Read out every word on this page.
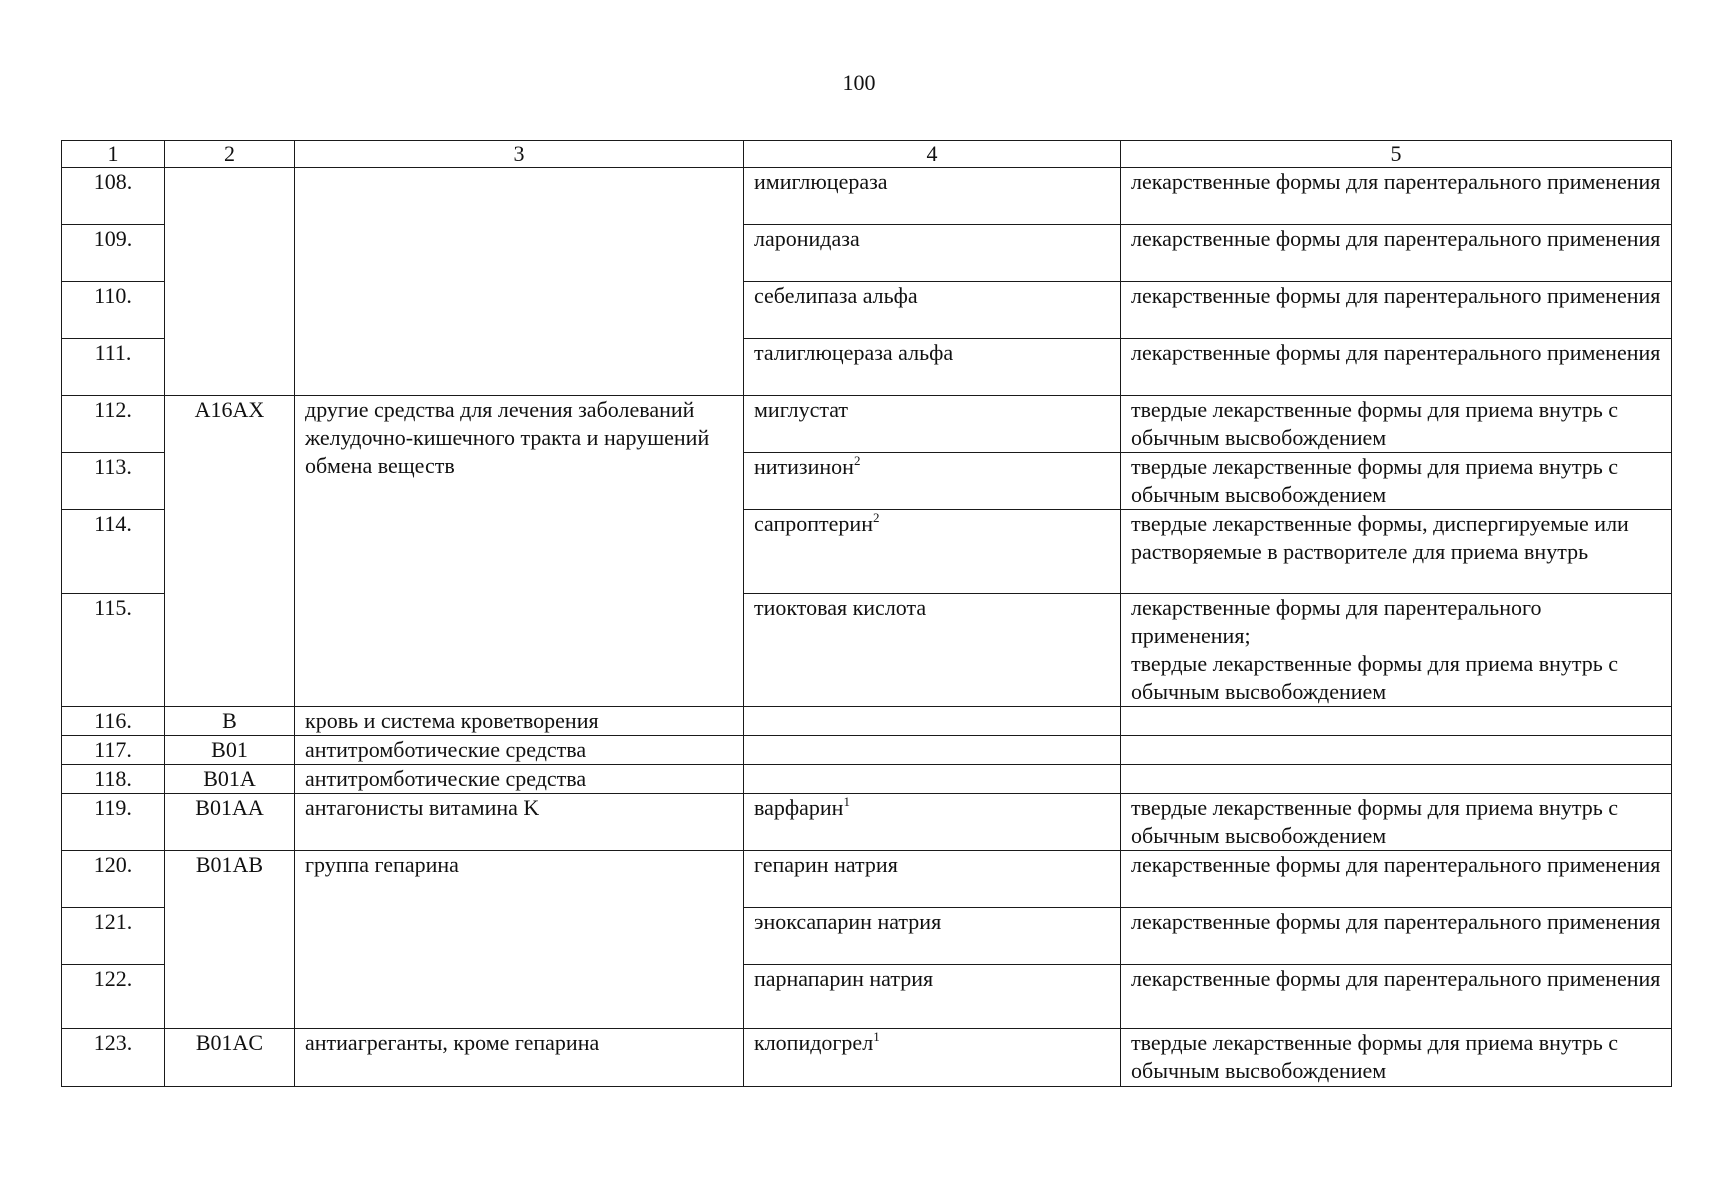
100
1	2	3	4	5
108.			имиглюцераза	лекарственные формы для парентерального применения
109.			ларонидаза	лекарственные формы для парентерального применения
110.			себелипаза альфа	лекарственные формы для парентерального применения
111.			талиглюцераза альфа	лекарственные формы для парентерального применения
112.	A16AX	другие средства для лечения заболеваний желудочно-кишечного тракта и нарушений обмена веществ	миглустат	твердые лекарственные формы для приема внутрь с обычным высвобождением
113.			нитизинон$^2$	твердые лекарственные формы для приема внутрь с обычным высвобождением
114.			сапроптерин$^2$	твердые лекарственные формы, диспергируемые или растворяемые в растворителе для приема внутрь
115.			тиоктовая кислота	лекарственные формы для парентерального применения;
твердые лекарственные формы для приема внутрь с обычным высвобождением

116.	B	кровь и система кроветворения		
117.	B01	антитромботические средства		
118.	B01A	антитромботические средства		
119.	B01AA	антагонисты витамина K	варфарин$^1$	твердые лекарственные формы для приема внутрь с обычным высвобождением
120.	B01AB	группа гепарина	гепарин натрия	лекарственные формы для парентерального применения
121.			эноксапарин натрия	лекарственные формы для парентерального применения
122.			парнапарин натрия	лекарственные формы для парентерального применения
123.	B01AC	антиагреганты, кроме гепарина	клопидогрел$^1$	твердые лекарственные формы для приема внутрь с обычным высвобождением
